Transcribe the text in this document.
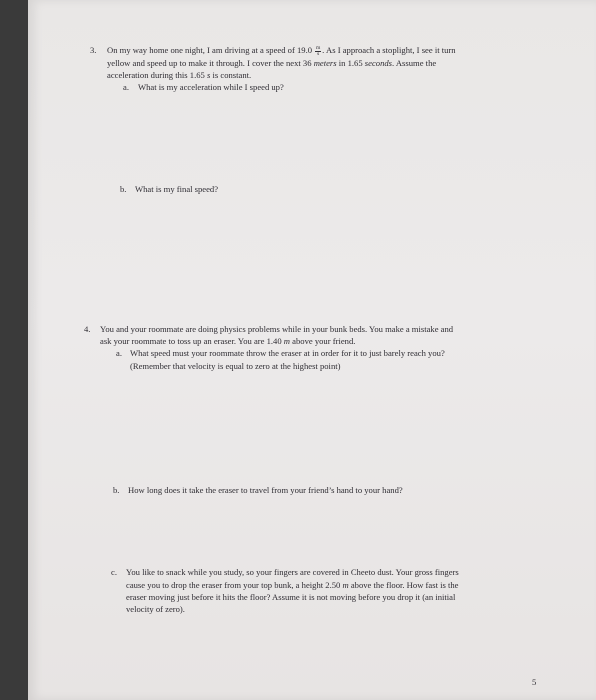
3. On my way home one night, I am driving at a speed of $19.0 \frac{m}{s}$ . As I approach a stoplight, I see it turn
yellow and speed up to make it through. I cover the next 36 meters in 1.65 seconds. Assume the
acceleration during this 1.65 s is constant.
a. What is my acceleration while I speed up?
b. What is my final speed?
4. You and your roommate are doing physics problems while in your bunk beds. You make a mistake and
ask your roommate to toss up an eraser. You are 1.40 m above your friend.
a. What speed must your roommate throw the eraser at in order for it to just barely reach you?
(Remember that velocity is equal to zero at the highest point)
b. How long does it take the eraser to travel from your friend’s hand to your hand?
c. You like to snack while you study, so your fingers are covered in Cheeto dust. Your gross fingers
cause you to drop the eraser from your top bunk, a height 2.50 m above the floor. How fast is the
eraser moving just before it hits the floor? Assume it is not moving before you drop it (an initial
velocity of zero).
5
